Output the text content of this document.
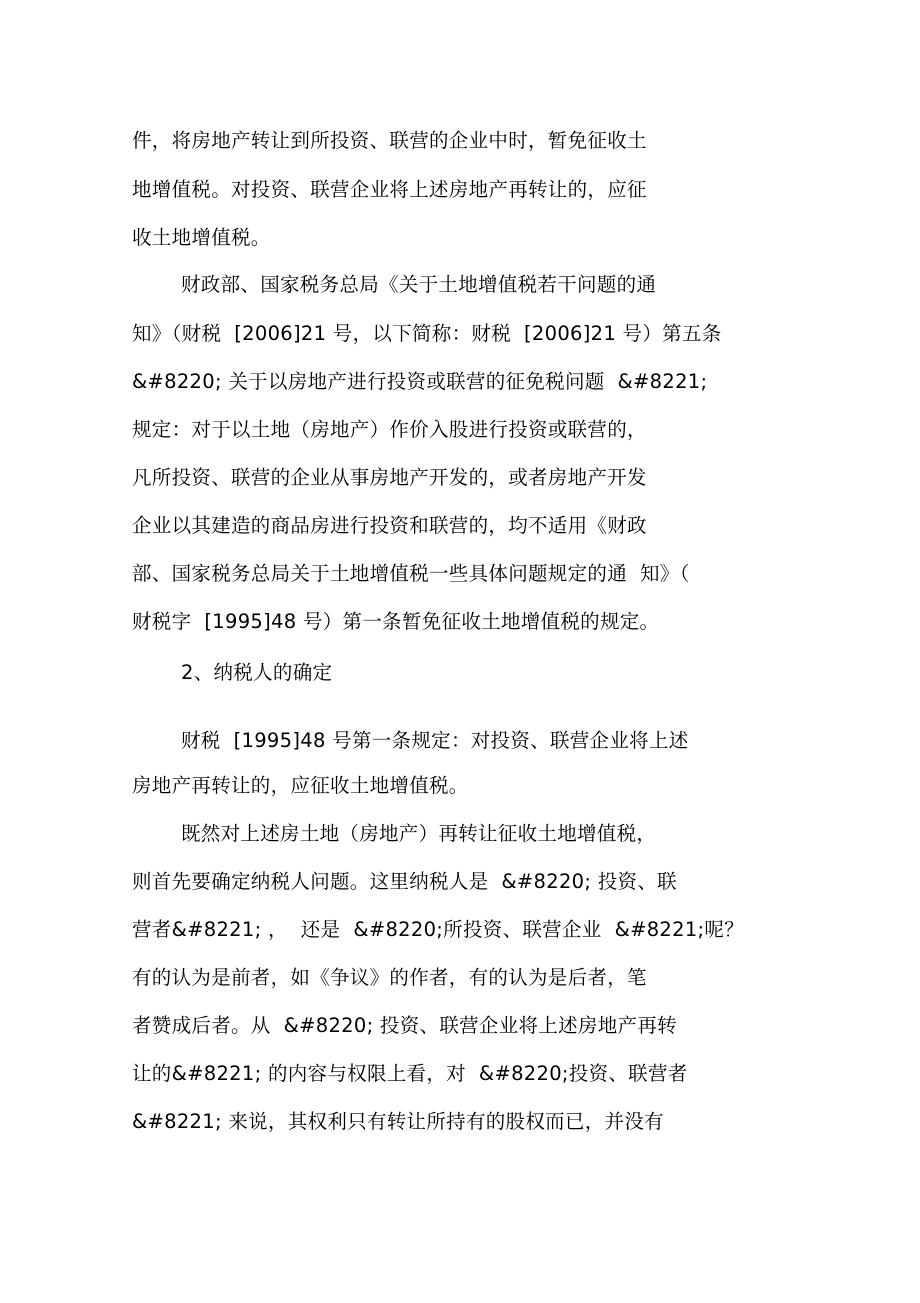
件，将房地产转让到所投资、联营的企业中时，暂免征收土
地增值税。对投资、联营企业将上述房地产再转让的，应征
收土地增值税。
财政部、国家税务总局《关于土地增值税若干问题的通
知》（财税  [2006]21 号，以下简称：财税  [2006]21 号）第五条
&#8220; 关于以房地产进行投资或联营的征免税问题  &#8221;
规定：对于以土地（房地产）作价入股进行投资或联营的，
凡所投资、联营的企业从事房地产开发的，或者房地产开发
企业以其建造的商品房进行投资和联营的，均不适用《财政
部、国家税务总局关于土地增值税一些具体问题规定的通  知》（
财税字  [1995]48 号）第一条暂免征收土地增值税的规定。
2、纳税人的确定
财税  [1995]48 号第一条规定：对投资、联营企业将上述
房地产再转让的，应征收土地增值税。
既然对上述房土地（房地产）再转让征收土地增值税，
则首先要确定纳税人问题。这里纳税人是  &#8220; 投资、联
营者&#8221; ，  还是  &#8220;所投资、联营企业  &#8221;呢？
有的认为是前者，如《争议》的作者，有的认为是后者，笔
者赞成后者。从  &#8220; 投资、联营企业将上述房地产再转
让的&#8221; 的内容与权限上看，对  &#8220;投资、联营者
&#8221; 来说，其权利只有转让所持有的股权而已，并没有
